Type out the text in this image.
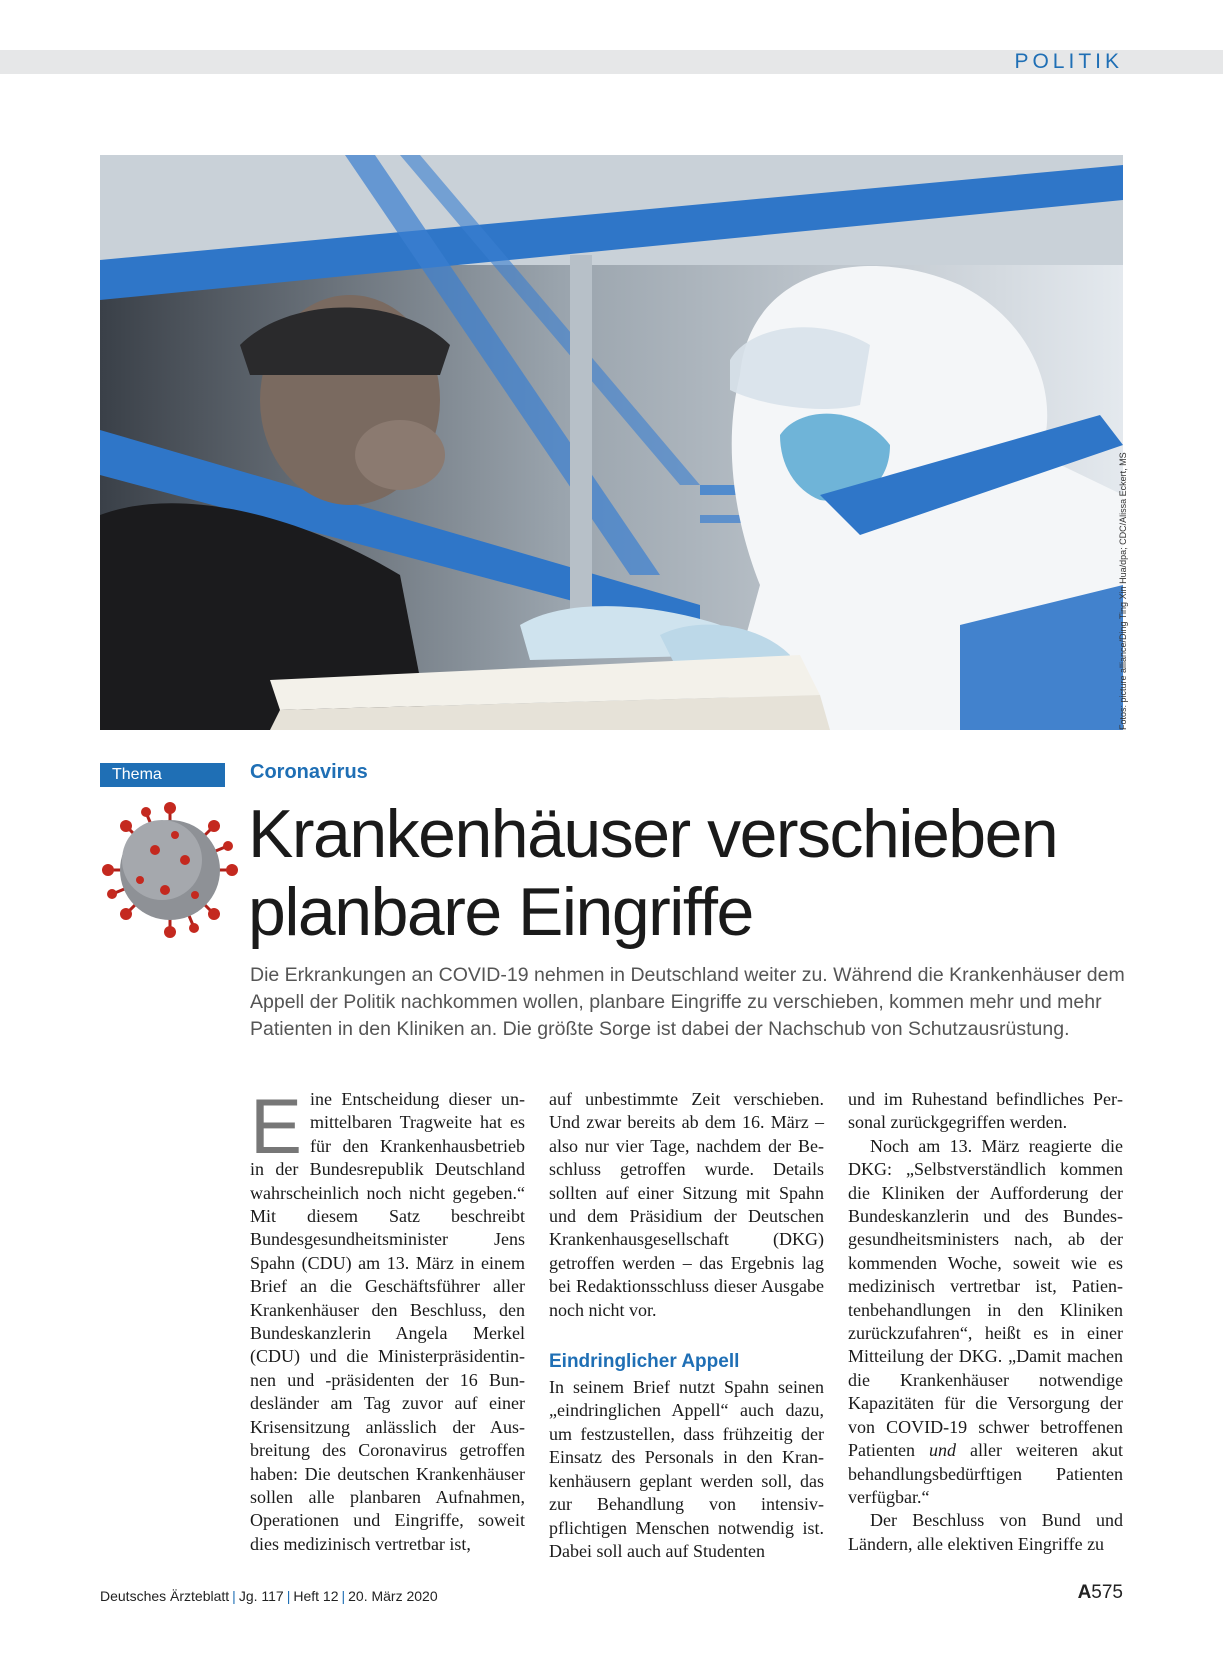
POLITIK
Fotos: picture alliance/Ding Ting Xin Hua/dpa; CDC/Alissa Eckert, MS
Thema	Coronavirus
Krankenhäuser verschieben
planbare Eingriffe

Die Erkrankungen an COVID-19 nehmen in Deutschland weiter zu. Während die Krankenhäuser dem Appell der Politik nachkommen wollen, planbare Eingriffe zu verschieben, kommen mehr und mehr Patienten in den Kliniken an. Die größte Sorge ist dabei der Nachschub von Schutzausrüstung.

E ine Entscheidung dieser unmittelbaren Tragweite hat es für den Krankenhausbetrieb in der Bundesrepublik Deutschland wahrscheinlich noch nicht gegeben.“ Mit diesem Satz beschreibt Bundesgesundheitsminister Jens Spahn (CDU) am 13. März in einem Brief an die Geschäftsführer aller Krankenhäuser den Beschluss, den Bundeskanzlerin Angela Merkel (CDU) und die Ministerpräsidentinnen und -präsidenten der 16 Bundesländer am Tag zuvor auf einer Krisensitzung anlässlich der Ausbreitung des Coronavirus getroffen haben: Die deutschen Krankenhäuser sollen alle planbaren Aufnahmen, Operationen und Eingriffe, soweit dies medizinisch vertretbar ist,

auf unbestimmte Zeit verschieben. Und zwar bereits ab dem 16. März – also nur vier Tage, nachdem der Beschluss getroffen wurde. Details sollten auf einer Sitzung mit Spahn und dem Präsidium der Deutschen Krankenhausgesellschaft (DKG) getroffen werden – das Ergebnis lag bei Redaktionsschluss dieser Ausgabe noch nicht vor.

Eindringlicher Appell

In seinem Brief nutzt Spahn seinen „eindringlichen Appell“ auch dazu, um festzustellen, dass frühzeitig der Einsatz des Personals in den Krankenhäusern geplant werden soll, das zur Behandlung von intensivpflichtigen Menschen notwendig ist. Dabei soll auch auf Studenten

und im Ruhestand befindliches Personal zurückgegriffen werden.

Noch am 13. März reagierte die DKG: „Selbstverständlich kommen die Kliniken der Aufforderung der Bundeskanzlerin und des Bundesgesundheitsministers nach, ab der kommenden Woche, soweit wie es medizinisch vertretbar ist, Patientenbehandlungen in den Kliniken zurückzufahren“, heißt es in einer Mitteilung der DKG. „Damit machen die Krankenhäuser notwendige Kapazitäten für die Versorgung der von COVID-19 schwer betroffenen Patienten und aller weiteren akut behandlungsbedürftigen Patienten verfügbar.“

Der Beschluss von Bund und Ländern, alle elektiven Eingriffe zu

Deutsches Ärzteblatt | Jg. 117 | Heft 12 | 20. März 2020	A575
